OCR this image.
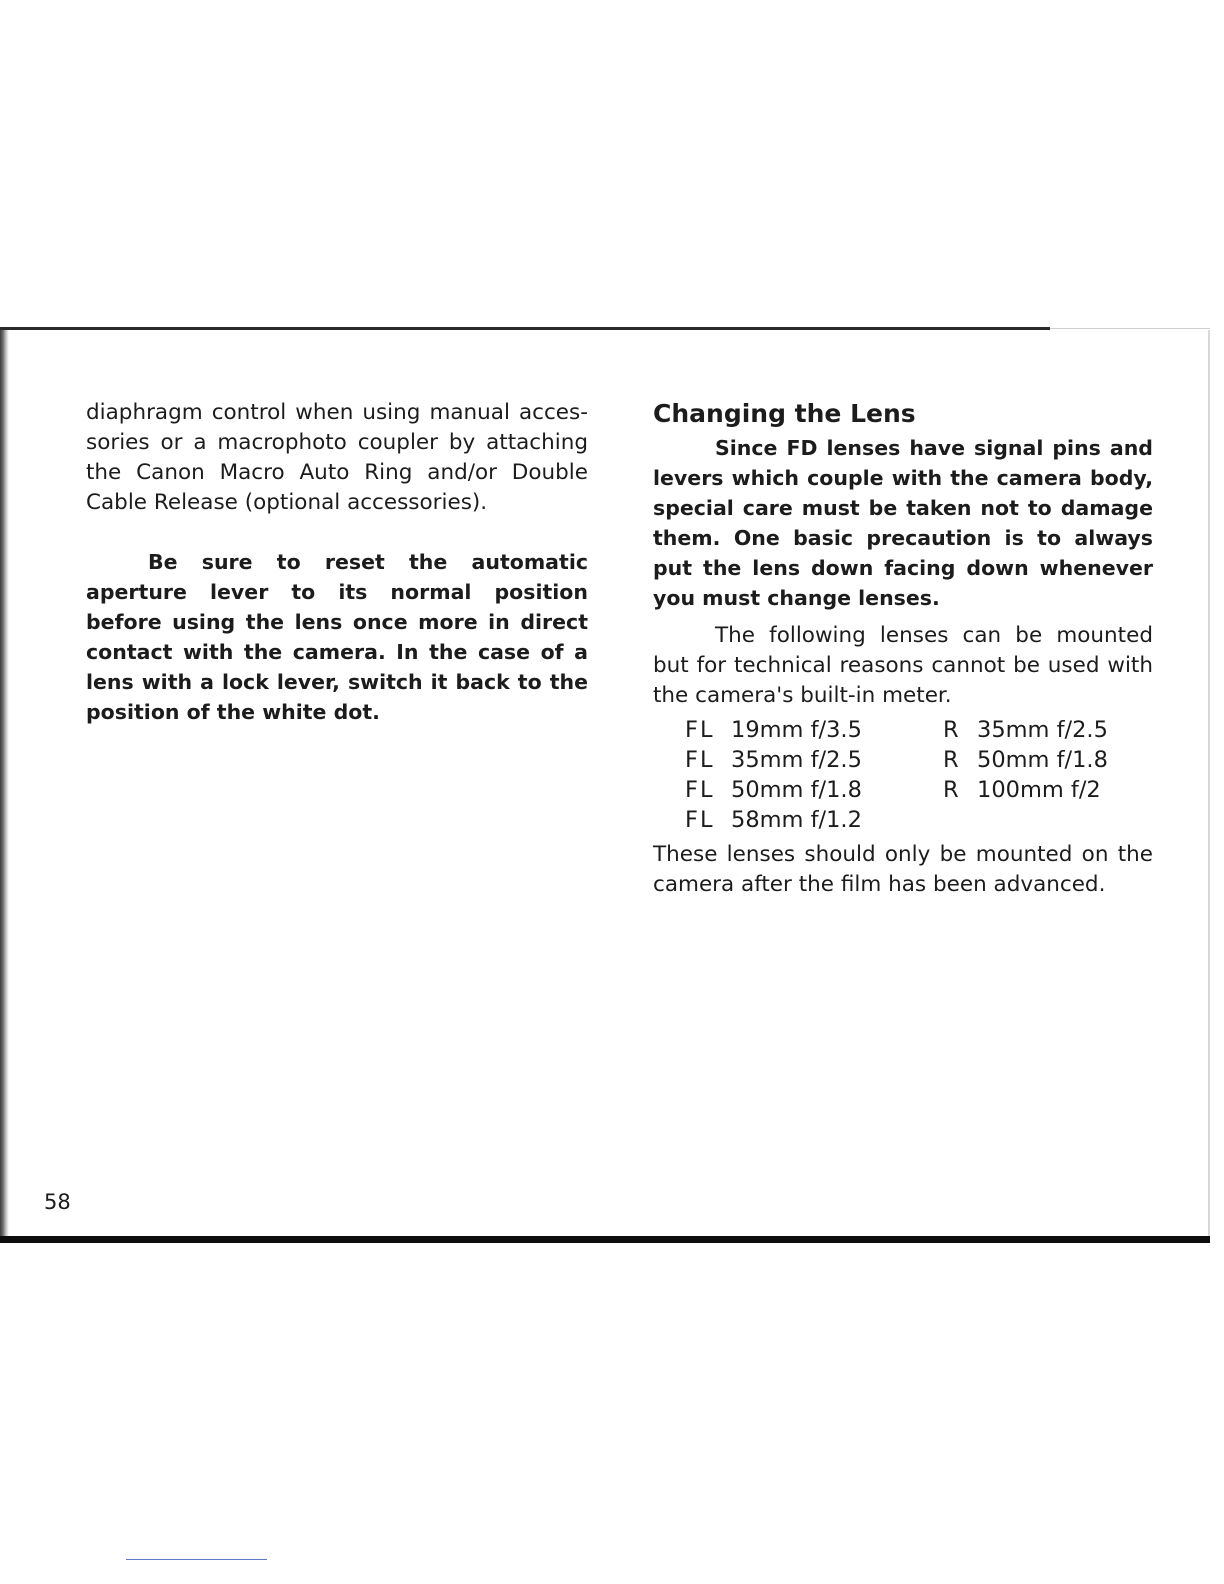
diaphragm control when using manual acces- sories or a macrophoto coupler by attaching the Canon Macro Auto Ring and/or Double Cable Release (optional accessories).

Be sure to reset the automatic aperture lever to its normal position before using the lens once more in direct contact with the camera. In the case of a lens with a lock lever, switch it back to the position of the white dot.

Changing the Lens

Since FD lenses have signal pins and levers which couple with the camera body, special care must be taken not to damage them. One basic precaution is to always put the lens down facing down whenever you must change lenses.

The following lenses can be mounted but for technical reasons cannot be used with the camera's built-in meter.

FL	19mm f/3.5	R	35mm f/2.5
FL	35mm f/2.5	R	50mm f/1.8
FL	50mm f/1.8	R	100mm f/2
FL	58mm f/1.2		

These lenses should only be mounted on the camera after the film has been advanced.

58
